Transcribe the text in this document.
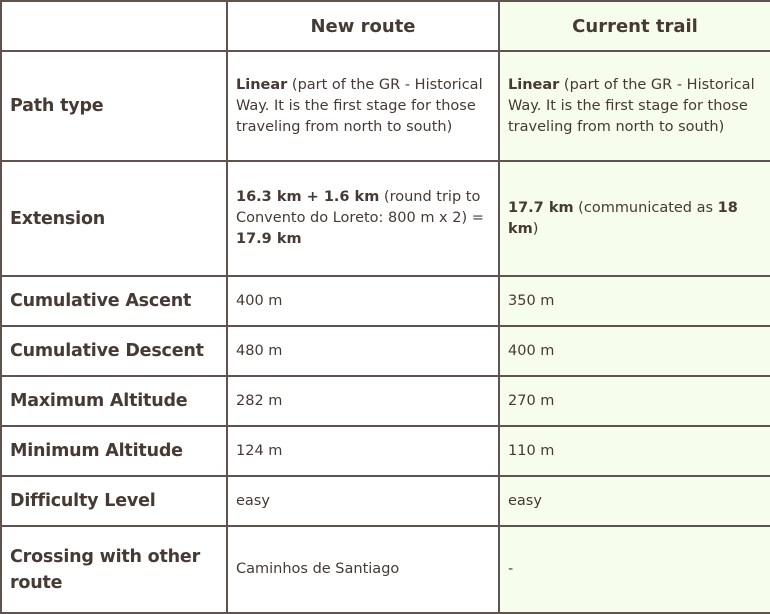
	New route	Current trail
Path type	Linear (part of the GR - Historical Way. It is the first stage for those traveling from north to south)	Linear (part of the GR - Historical Way. It is the first stage for those traveling from north to south)
Extension	16.3 km + 1.6 km (round trip to Convento do Loreto: 800 m x 2) = 17.9 km	17.7 km (communicated as 18 km)
Cumulative Ascent	400 m	350 m
Cumulative Descent	480 m	400 m
Maximum Altitude	282 m	270 m
Minimum Altitude	124 m	110 m
Difficulty Level	easy	easy
Crossing with other route	Caminhos de Santiago	-
